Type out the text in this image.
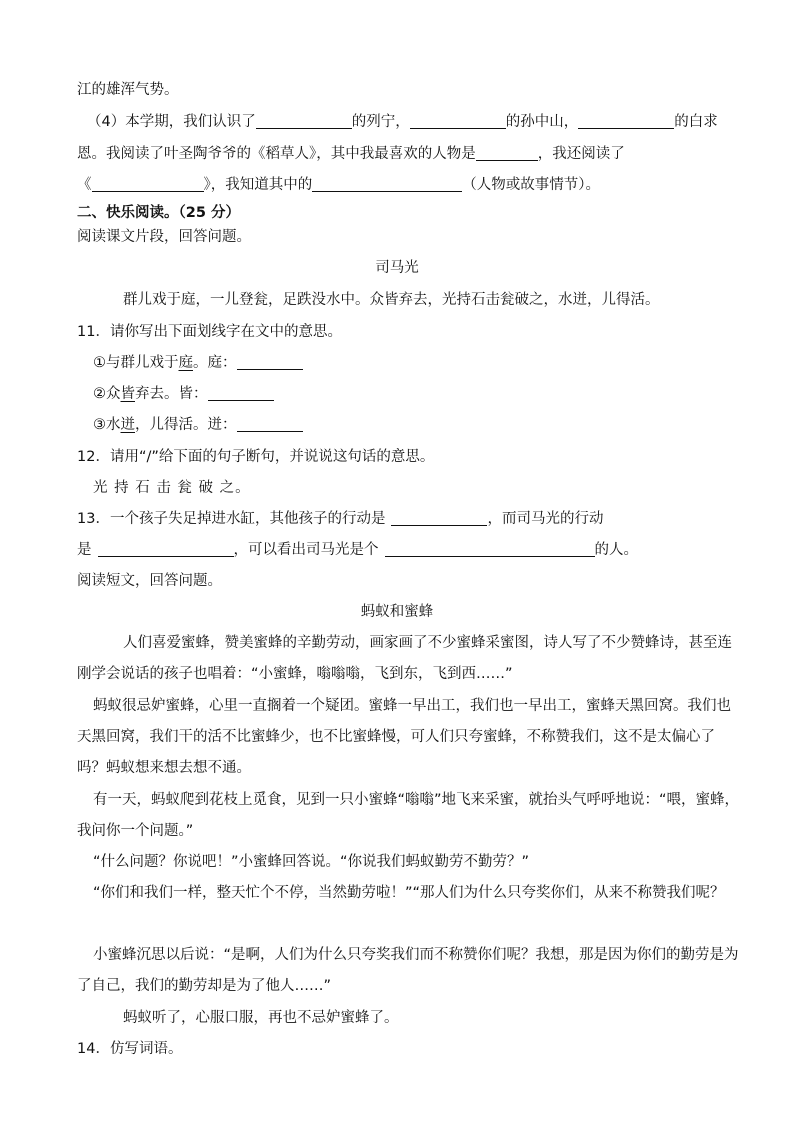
江的雄浑气势。
（4）本学期，我们认识了	的列宁，	的孙中山，	的白求
恩。我阅读了叶圣陶爷爷的《稻草人》，其中我最喜欢的人物是	，我还阅读了
《	》，我知道其中的	（人物或故事情节）。
二、快乐阅读。（25 分）
阅读课文片段，回答问题。
司马光
群儿戏于庭，一儿登瓮，足跌没水中。众皆弃去，光持石击瓮破之，水迸，儿得活。
11．请你写出下面划线字在文中的意思。
①与群儿戏于庭。庭：
②众皆弃去。皆：
③水迸，儿得活。迸：
12．请用“/”给下面的句子断句，并说说这句话的意思。
光 持 石 击 瓮 破 之。
13．一个孩子失足掉进水缸，其他孩子的行动是	，而司马光的行动
是	，可以看出司马光是个	的人。
阅读短文，回答问题。
蚂蚁和蜜蜂
人们喜爱蜜蜂，赞美蜜蜂的辛勤劳动，画家画了不少蜜蜂采蜜图，诗人写了不少赞蜂诗，甚至连
刚学会说话的孩子也唱着：“小蜜蜂，嗡嗡嗡，飞到东，飞到西……”
蚂蚁很忌妒蜜蜂，心里一直搁着一个疑团。蜜蜂一早出工，我们也一早出工，蜜蜂天黑回窝。我们也
天黑回窝，我们干的活不比蜜蜂少，也不比蜜蜂慢，可人们只夸蜜蜂，不称赞我们，这不是太偏心了
吗？蚂蚁想来想去想不通。
有一天，蚂蚁爬到花枝上觅食，见到一只小蜜蜂“嗡嗡”地飞来采蜜，就抬头气呼呼地说：“喂，蜜蜂，
我问你一个问题。”
“什么问题？你说吧！”小蜜蜂回答说。“你说我们蚂蚁勤劳不勤劳？”
“你们和我们一样，整天忙个不停，当然勤劳啦！”“那人们为什么只夸奖你们，从来不称赞我们呢？
小蜜蜂沉思以后说：“是啊，人们为什么只夸奖我们而不称赞你们呢？我想，那是因为你们的勤劳是为
了自己，我们的勤劳却是为了他人……”
蚂蚁听了，心服口服，再也不忌妒蜜蜂了。
14．仿写词语。
